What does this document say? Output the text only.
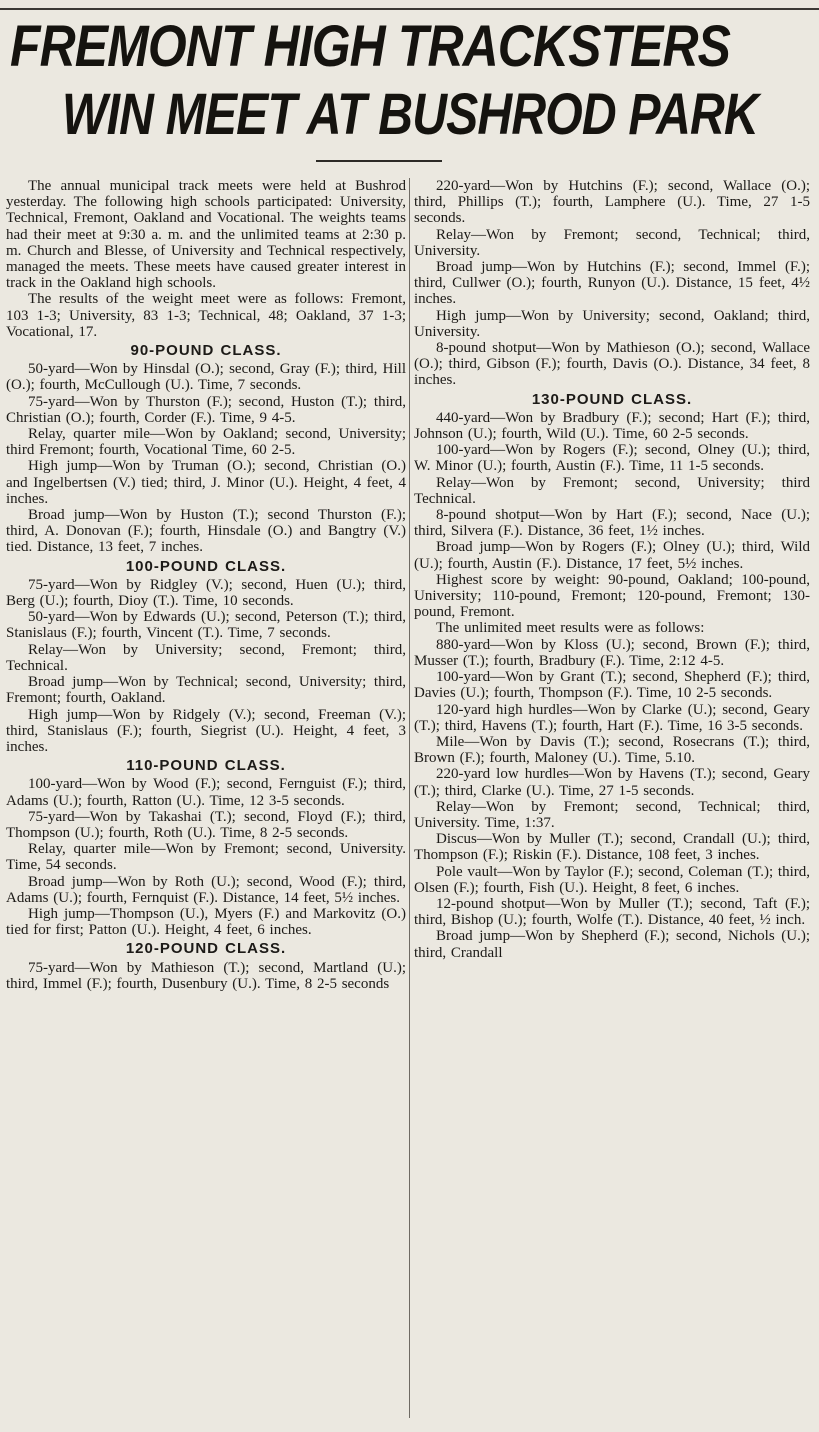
FREMONT HIGH TRACKSTERS
WIN MEET AT BUSHROD PARK

The annual municipal track meets were held at Bushrod yesterday. The following high schools participated: University, Technical, Fremont, Oakland and Vocational. The weights teams had their meet at 9:30 a. m. and the unlimited teams at 2:30 p. m. Church and Blesse, of University and Technical respectively, managed the meets. These meets have caused greater interest in track in the Oakland high schools.

The results of the weight meet were as follows: Fremont, 103 1-3; University, 83 1-3; Technical, 48; Oakland, 37 1-3; Vocational, 17.

90-POUND CLASS.

50-yard—Won by Hinsdal (O.); second, Gray (F.); third, Hill (O.); fourth, McCullough (U.). Time, 7 seconds.

75-yard—Won by Thurston (F.); second, Huston (T.); third, Christian (O.); fourth, Corder (F.). Time, 9 4-5.

Relay, quarter mile—Won by Oakland; second, University; third Fremont; fourth, Vocational Time, 60 2-5.

High jump—Won by Truman (O.); second, Christian (O.) and Ingelbertsen (V.) tied; third, J. Minor (U.). Height, 4 feet, 4 inches.

Broad jump—Won by Huston (T.); second Thurston (F.); third, A. Donovan (F.); fourth, Hinsdale (O.) and Bangtry (V.) tied. Distance, 13 feet, 7 inches.

100-POUND CLASS.

75-yard—Won by Ridgley (V.); second, Huen (U.); third, Berg (U.); fourth, Dioy (T.). Time, 10 seconds.

50-yard—Won by Edwards (U.); second, Peterson (T.); third, Stanislaus (F.); fourth, Vincent (T.). Time, 7 seconds.

Relay—Won by University; second, Fremont; third, Technical.

Broad jump—Won by Technical; second, University; third, Fremont; fourth, Oakland.

High jump—Won by Ridgely (V.); second, Freeman (V.); third, Stanislaus (F.); fourth, Siegrist (U.). Height, 4 feet, 3 inches.

110-POUND CLASS.

100-yard—Won by Wood (F.); second, Fernguist (F.); third, Adams (U.); fourth, Ratton (U.). Time, 12 3-5 seconds.

75-yard—Won by Takashai (T.); second, Floyd (F.); third, Thompson (U.); fourth, Roth (U.). Time, 8 2-5 seconds.

Relay, quarter mile—Won by Fremont; second, University. Time, 54 seconds.

Broad jump—Won by Roth (U.); second, Wood (F.); third, Adams (U.); fourth, Fernquist (F.). Distance, 14 feet, 5½ inches.

High jump—Thompson (U.), Myers (F.) and Markovitz (O.) tied for first; Patton (U.). Height, 4 feet, 6 inches.

120-POUND CLASS.

75-yard—Won by Mathieson (T.); second, Martland (U.); third, Immel (F.); fourth, Dusenbury (U.). Time, 8 2-5 seconds

220-yard—Won by Hutchins (F.); second, Wallace (O.); third, Phillips (T.); fourth, Lamphere (U.). Time, 27 1-5 seconds.

Relay—Won by Fremont; second, Technical; third, University.

Broad jump—Won by Hutchins (F.); second, Immel (F.); third, Cullwer (O.); fourth, Runyon (U.). Distance, 15 feet, 4½ inches.

High jump—Won by University; second, Oakland; third, University.

8-pound shotput—Won by Mathieson (O.); second, Wallace (O.); third, Gibson (F.); fourth, Davis (O.). Distance, 34 feet, 8 inches.

130-POUND CLASS.

440-yard—Won by Bradbury (F.); second; Hart (F.); third, Johnson (U.); fourth, Wild (U.). Time, 60 2-5 seconds.

100-yard—Won by Rogers (F.); second, Olney (U.); third, W. Minor (U.); fourth, Austin (F.). Time, 11 1-5 seconds.

Relay—Won by Fremont; second, University; third Technical.

8-pound shotput—Won by Hart (F.); second, Nace (U.); third, Silvera (F.). Distance, 36 feet, 1½ inches.

Broad jump—Won by Rogers (F.); Olney (U.); third, Wild (U.); fourth, Austin (F.). Distance, 17 feet, 5½ inches.

Highest score by weight: 90-pound, Oakland; 100-pound, University; 110-pound, Fremont; 120-pound, Fremont; 130-pound, Fremont.

The unlimited meet results were as follows:

880-yard—Won by Kloss (U.); second, Brown (F.); third, Musser (T.); fourth, Bradbury (F.). Time, 2:12 4-5.

100-yard—Won by Grant (T.); second, Shepherd (F.); third, Davies (U.); fourth, Thompson (F.). Time, 10 2-5 seconds.

120-yard high hurdles—Won by Clarke (U.); second, Geary (T.); third, Havens (T.); fourth, Hart (F.). Time, 16 3-5 seconds.

Mile—Won by Davis (T.); second, Rosecrans (T.); third, Brown (F.); fourth, Maloney (U.). Time, 5.10.

220-yard low hurdles—Won by Havens (T.); second, Geary (T.); third, Clarke (U.). Time, 27 1-5 seconds.

Relay—Won by Fremont; second, Technical; third, University. Time, 1:37.

Discus—Won by Muller (T.); second, Crandall (U.); third, Thompson (F.); Riskin (F.). Distance, 108 feet, 3 inches.

Pole vault—Won by Taylor (F.); second, Coleman (T.); third, Olsen (F.); fourth, Fish (U.). Height, 8 feet, 6 inches.

12-pound shotput—Won by Muller (T.); second, Taft (F.); third, Bishop (U.); fourth, Wolfe (T.). Distance, 40 feet, ½ inch.

Broad jump—Won by Shepherd (F.); second, Nichols (U.); third, Crandall
